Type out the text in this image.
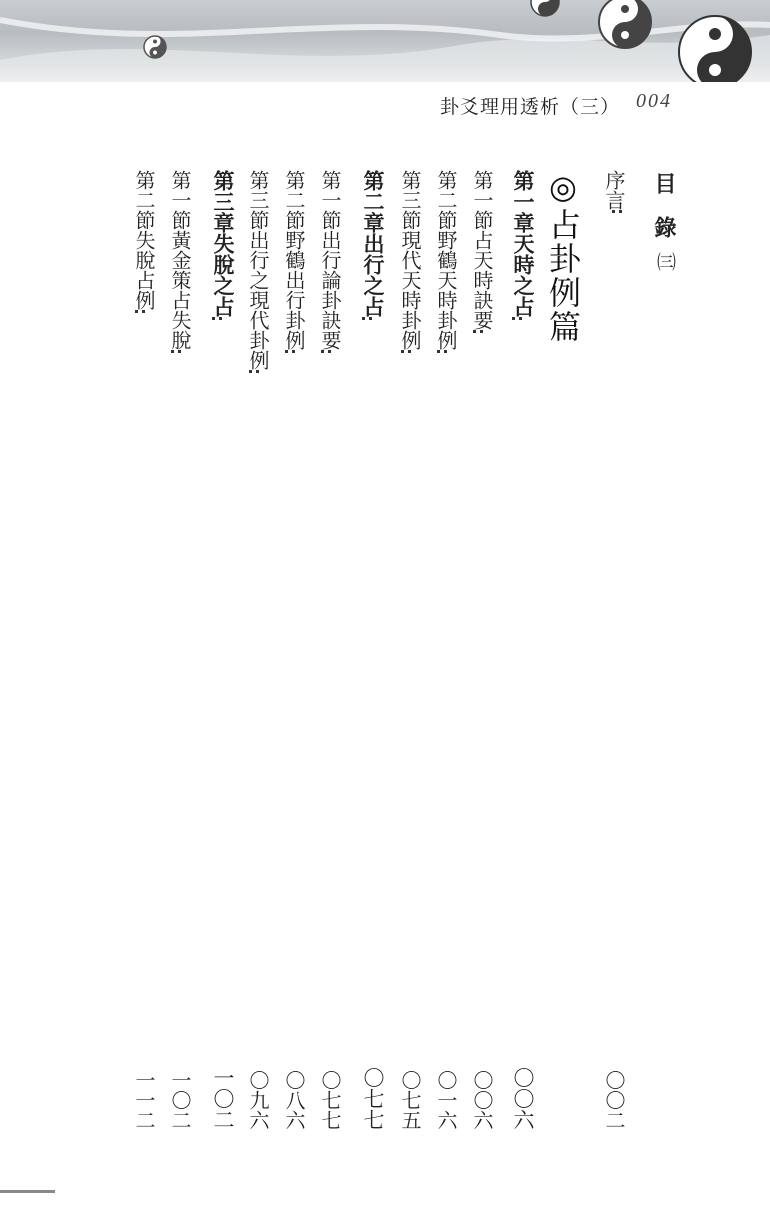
卦爻理用透析（三） 004
目　錄
㈢
序言
〇〇二
◎占卦例篇
第一章
天時之占
〇〇六
第一節
占天時訣要
〇〇六
第二節
野鶴天時卦例
〇一六
第三節
現代天時卦例
〇七五
第二章
出行之占
〇七七
第一節
出行論卦訣要
〇七七
第二節
野鶴出行卦例
〇八六
第三節
出行之現代卦例
〇九六
第三章
失脫之占
一〇二
第一節
黃金策占失脫
一〇二
第二節
失脫占例
一一二
